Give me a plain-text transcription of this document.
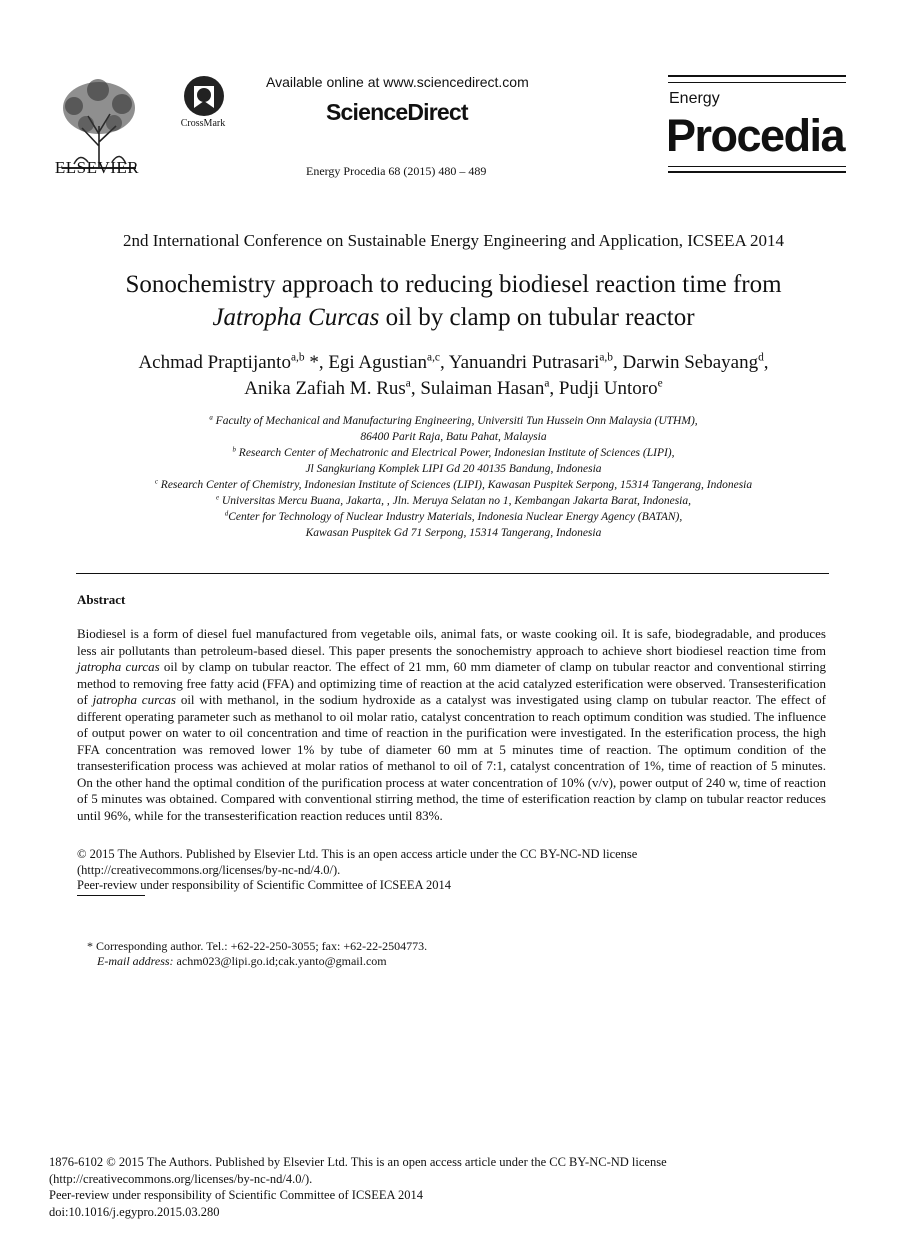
ELSEVIER
CrossMark
Available online at www.sciencedirect.com
ScienceDirect
Energy Procedia 68 (2015) 480 – 489
Energy
Procedia
2nd International Conference on Sustainable Energy Engineering and Application, ICSEEA 2014
Sonochemistry approach to reducing biodiesel reaction time from
Jatropha Curcas oil by clamp on tubular reactor
Achmad Praptijanto$^{a,b}$ *, Egi Agustian$^{a,c}$, Yanuandri Putrasari$^{a,b}$, Darwin Sebayang$^d$,
Anika Zafiah M. Rus$^a$, Sulaiman Hasan$^a$, Pudji Untoro$^e$
$^a$ Faculty of Mechanical and Manufacturing Engineering, Universiti Tun Hussein Onn Malaysia (UTHM),
86400 Parit Raja, Batu Pahat, Malaysia
$^b$ Research Center of Mechatronic and Electrical Power, Indonesian Institute of Sciences (LIPI),
Jl Sangkuriang Komplek LIPI Gd 20 40135 Bandung, Indonesia
$^c$ Research Center of Chemistry, Indonesian Institute of Sciences (LIPI), Kawasan Puspitek Serpong, 15314 Tangerang, Indonesia
$^e$ Universitas Mercu Buana, Jakarta, , Jln. Meruya Selatan no 1, Kembangan Jakarta Barat, Indonesia,
$^d$Center for Technology of Nuclear Industry Materials, Indonesia Nuclear Energy Agency (BATAN),
Kawasan Puspitek Gd 71 Serpong, 15314 Tangerang, Indonesia
Abstract
Biodiesel is a form of diesel fuel manufactured from vegetable oils, animal fats, or waste cooking oil. It is safe, biodegradable, and produces less air pollutants than petroleum-based diesel. This paper presents the sonochemistry approach to achieve short biodiesel reaction time from jatropha curcas oil by clamp on tubular reactor. The effect of 21 mm, 60 mm diameter of clamp on tubular reactor and conventional stirring method to removing free fatty acid (FFA) and optimizing time of reaction at the acid catalyzed esterification were observed. Transesterification of jatropha curcas oil with methanol, in the sodium hydroxide as a catalyst was investigated using clamp on tubular reactor. The effect of different operating parameter such as methanol to oil molar ratio, catalyst concentration to reach optimum condition was studied. The influence of output power on water to oil concentration and time of reaction in the purification were investigated. In the esterification process, the high FFA concentration was removed lower 1% by tube of diameter 60 mm at 5 minutes time of reaction. The optimum condition of the transesterification process was achieved at molar ratios of methanol to oil of 7:1, catalyst concentration of 1%, time of reaction of 5 minutes. On the other hand the optimal condition of the purification process at water concentration of 10% (v/v), power output of 240 w, time of reaction of 5 minutes was obtained. Compared with conventional stirring method, the time of esterification reaction by clamp on tubular reactor reduces until 96%, while for the transesterification reaction reduces until 83%.
© 2015 The Authors. Published by Elsevier Ltd. This is an open access article under the CC BY-NC-ND license
(http://creativecommons.org/licenses/by-nc-nd/4.0/).
Peer-review under responsibility of Scientific Committee of ICSEEA 2014
* Corresponding author. Tel.: +62-22-250-3055; fax: +62-22-2504773.
E-mail address: achm023@lipi.go.id;cak.yanto@gmail.com
1876-6102 © 2015 The Authors. Published by Elsevier Ltd. This is an open access article under the CC BY-NC-ND license
(http://creativecommons.org/licenses/by-nc-nd/4.0/).
Peer-review under responsibility of Scientific Committee of ICSEEA 2014
doi:10.1016/j.egypro.2015.03.280
